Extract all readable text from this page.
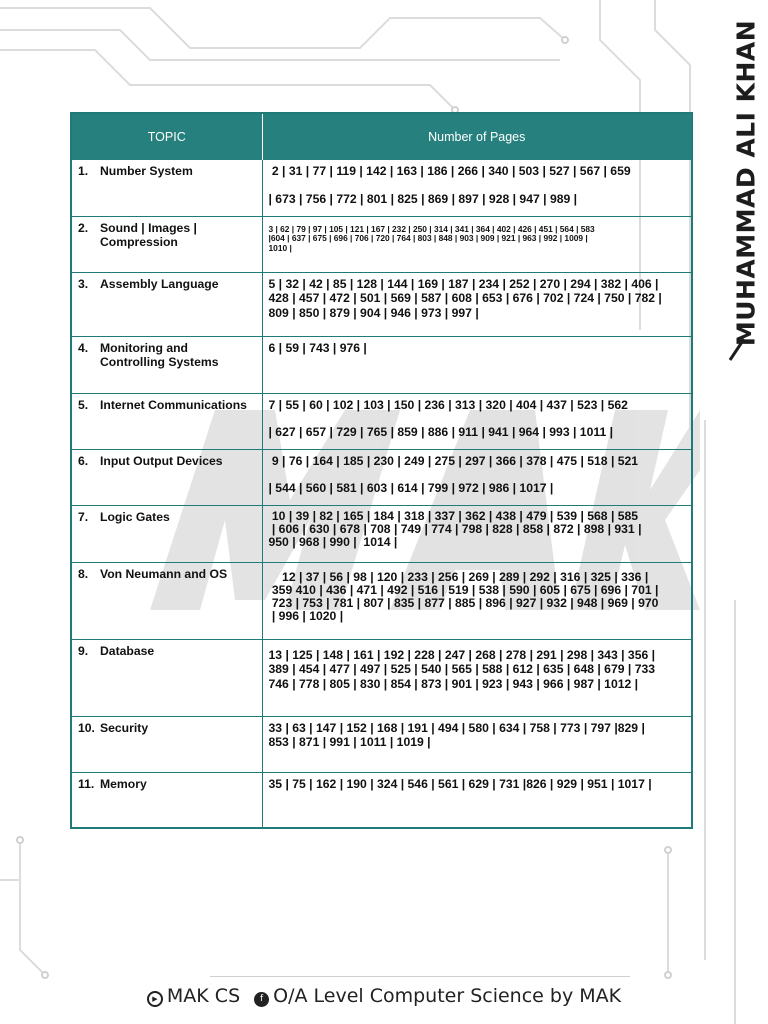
MUHAMMAD ALI KHAN
TOPIC	Number of Pages

1. Number System	2 | 31 | 77 | 119 | 142 | 163 | 186 | 266 | 340 | 503 | 527 | 567 | 659
| 673 | 756 | 772 | 801 | 825 | 869 | 897 | 928 | 947 | 989 |

2. Sound | Images | Compression	3 | 62 | 79 | 97 | 105 | 121 | 167 | 232 | 250 | 314 | 341 | 364 | 402 | 426 | 451 | 564 | 583
|604 | 637 | 675 | 696 | 706 | 720 | 764 | 803 | 848 | 903 | 909 | 921 | 963 | 992 | 1009 |
1010 |

3. Assembly Language	5 | 32 | 42 | 85 | 128 | 144 | 169 | 187 | 234 | 252 | 270 | 294 | 382 | 406 |
428 | 457 | 472 | 501 | 569 | 587 | 608 | 653 | 676 | 702 | 724 | 750 | 782 |
809 | 850 | 879 | 904 | 946 | 973 | 997 |

4. Monitoring and Controlling Systems	6 | 59 | 743 | 976 |

5. Internet Communications	7 | 55 | 60 | 102 | 103 | 150 | 236 | 313 | 320 | 404 | 437 | 523 | 562
| 627 | 657 | 729 | 765 | 859 | 886 | 911 | 941 | 964 | 993 | 1011 |

6. Input Output Devices	9 | 76 | 164 | 185 | 230 | 249 | 275 | 297 | 366 | 378 | 475 | 518 | 521
| 544 | 560 | 581 | 603 | 614 | 799 | 972 | 986 | 1017 |

7. Logic Gates	10 | 39 | 82 | 165 | 184 | 318 | 337 | 362 | 438 | 479 | 539 | 568 | 585
| 606 | 630 | 678 | 708 | 749 | 774 | 798 | 828 | 858 | 872 | 898 | 931 |
950 | 968 | 990 |  1014 |

8. Von Neumann and OS	12 | 37 | 56 | 98 | 120 | 233 | 256 | 269 | 289 | 292 | 316 | 325 | 336 |
359 410 | 436 | 471 | 492 | 516 | 519 | 538 | 590 | 605 | 675 | 696 | 701 |
723 | 753 | 781 | 807 | 835 | 877 | 885 | 896 | 927 | 932 | 948 | 969 | 970
| 996 | 1020 |

9. Database	13 | 125 | 148 | 161 | 192 | 228 | 247 | 268 | 278 | 291 | 298 | 343 | 356 |
389 | 454 | 477 | 497 | 525 | 540 | 565 | 588 | 612 | 635 | 648 | 679 | 733
746 | 778 | 805 | 830 | 854 | 873 | 901 | 923 | 943 | 966 | 987 | 1012 |

10. Security	33 | 63 | 147 | 152 | 168 | 191 | 494 | 580 | 634 | 758 | 773 | 797 |829 |
853 | 871 | 991 | 1011 | 1019 |

11. Memory	35 | 75 | 162 | 190 | 324 | 546 | 561 | 629 | 731 |826 | 929 | 951 | 1017 |
▶ MAK CS f O/A Level Computer Science by MAK
